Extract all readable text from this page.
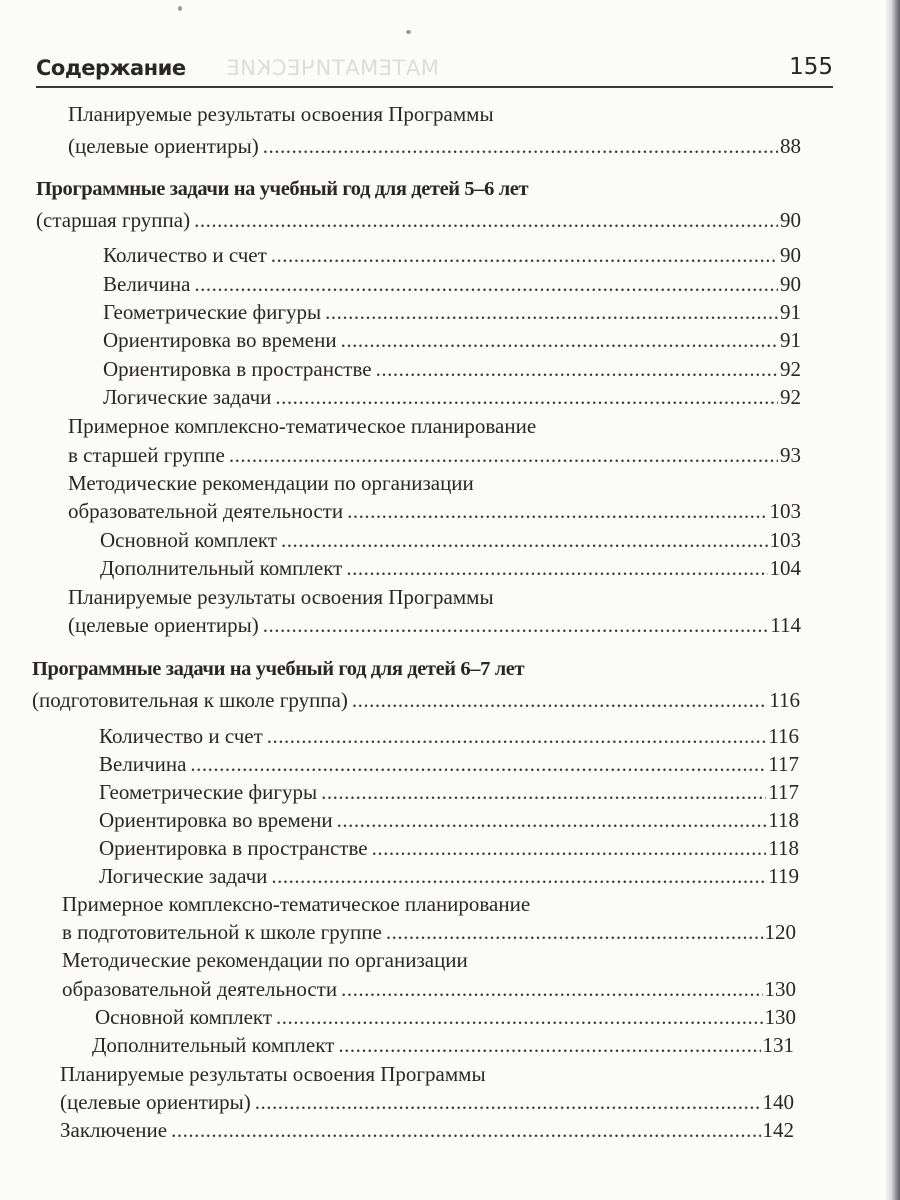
Содержание МАТЕМАТИЧЕСКИЕ	155
Планируемые результаты освоения Программы
(целевые ориентиры) .....	88
Программные задачи на учебный год для детей 5–6 лет
(старшая группа) .....	90
Количество и счет .....	90
Величина .....	90
Геометрические фигуры .....	91
Ориентировка во времени .....	91
Ориентировка в пространстве .....	92
Логические задачи .....	92
Примерное комплексно-тематическое планирование
в старшей группе .....	93
Методические рекомендации по организации
образовательной деятельности .....	103
Основной комплект .....	103
Дополнительный комплект .....	104
Планируемые результаты освоения Программы
(целевые ориентиры) .....	114
Программные задачи на учебный год для детей 6–7 лет
(подготовительная к школе группа) .....	116
Количество и счет .....	116
Величина .....	117
Геометрические фигуры .....	117
Ориентировка во времени .....	118
Ориентировка в пространстве .....	118
Логические задачи .....	119
Примерное комплексно-тематическое планирование
в подготовительной к школе группе .....	120
Методические рекомендации по организации
образовательной деятельности .....	130
Основной комплект .....	130
Дополнительный комплект .....	131
Планируемые результаты освоения Программы
(целевые ориентиры) .....	140
Заключение .....	142
